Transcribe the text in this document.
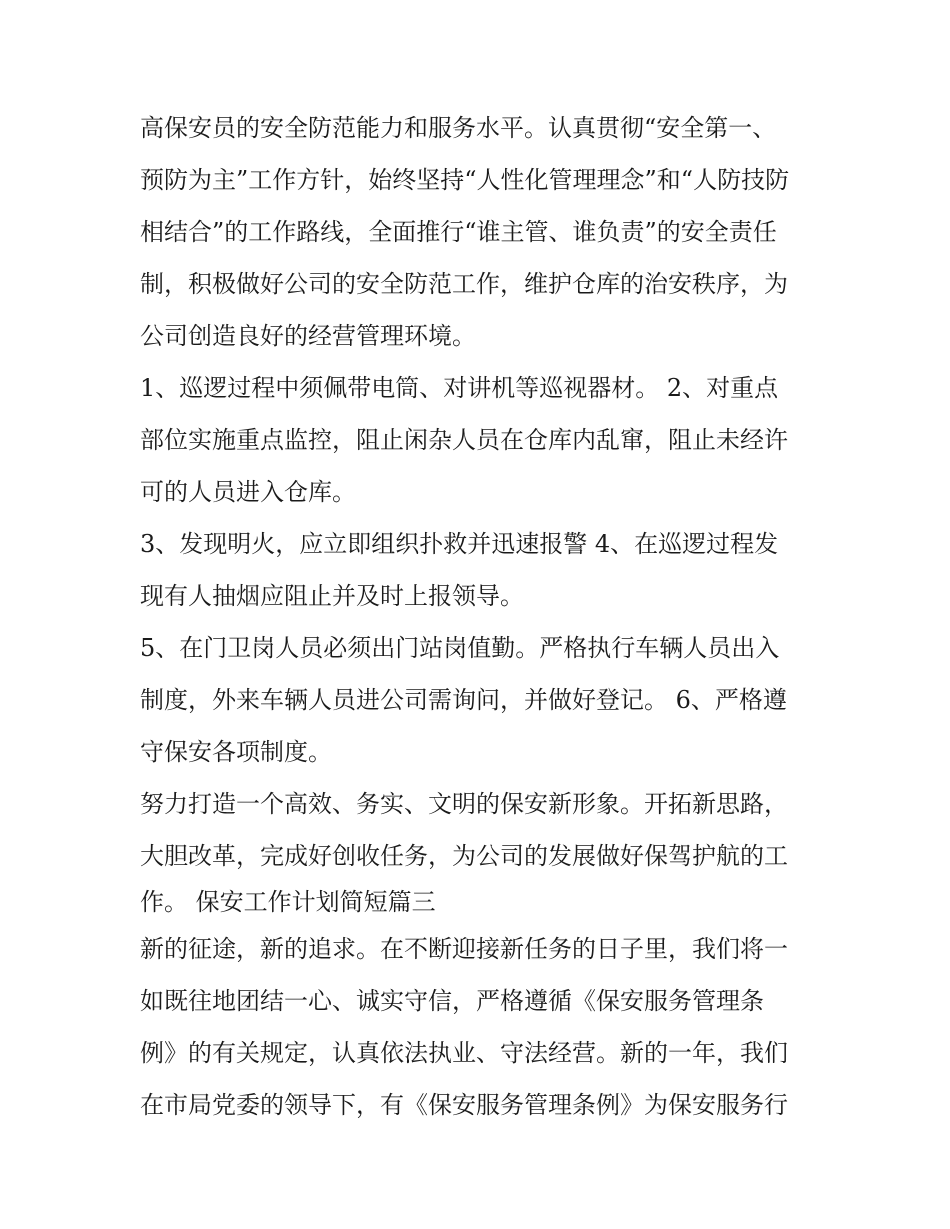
高保安员的安全防范能力和服务水平。认真贯彻“安全第一、
预防为主”工作方针，始终坚持“人性化管理理念”和“人防技防
相结合”的工作路线，全面推行“谁主管、谁负责”的安全责任
制，积极做好公司的安全防范工作，维护仓库的治安秩序，为
公司创造良好的经营管理环境。
1、巡逻过程中须佩带电筒、对讲机等巡视器材。 2、对重点
部位实施重点监控，阻止闲杂人员在仓库内乱窜，阻止未经许
可的人员进入仓库。
3、发现明火，应立即组织扑救并迅速报警 4、在巡逻过程发
现有人抽烟应阻止并及时上报领导。
5、在门卫岗人员必须出门站岗值勤。严格执行车辆人员出入
制度，外来车辆人员进公司需询问，并做好登记。 6、严格遵
守保安各项制度。
努力打造一个高效、务实、文明的保安新形象。开拓新思路，
大胆改革，完成好创收任务，为公司的发展做好保驾护航的工
作。 保安工作计划简短篇三
新的征途，新的追求。在不断迎接新任务的日子里，我们将一
如既往地团结一心、诚实守信，严格遵循《保安服务管理条
例》的有关规定，认真依法执业、守法经营。新的一年，我们
在市局党委的领导下，有《保安服务管理条例》为保安服务行
